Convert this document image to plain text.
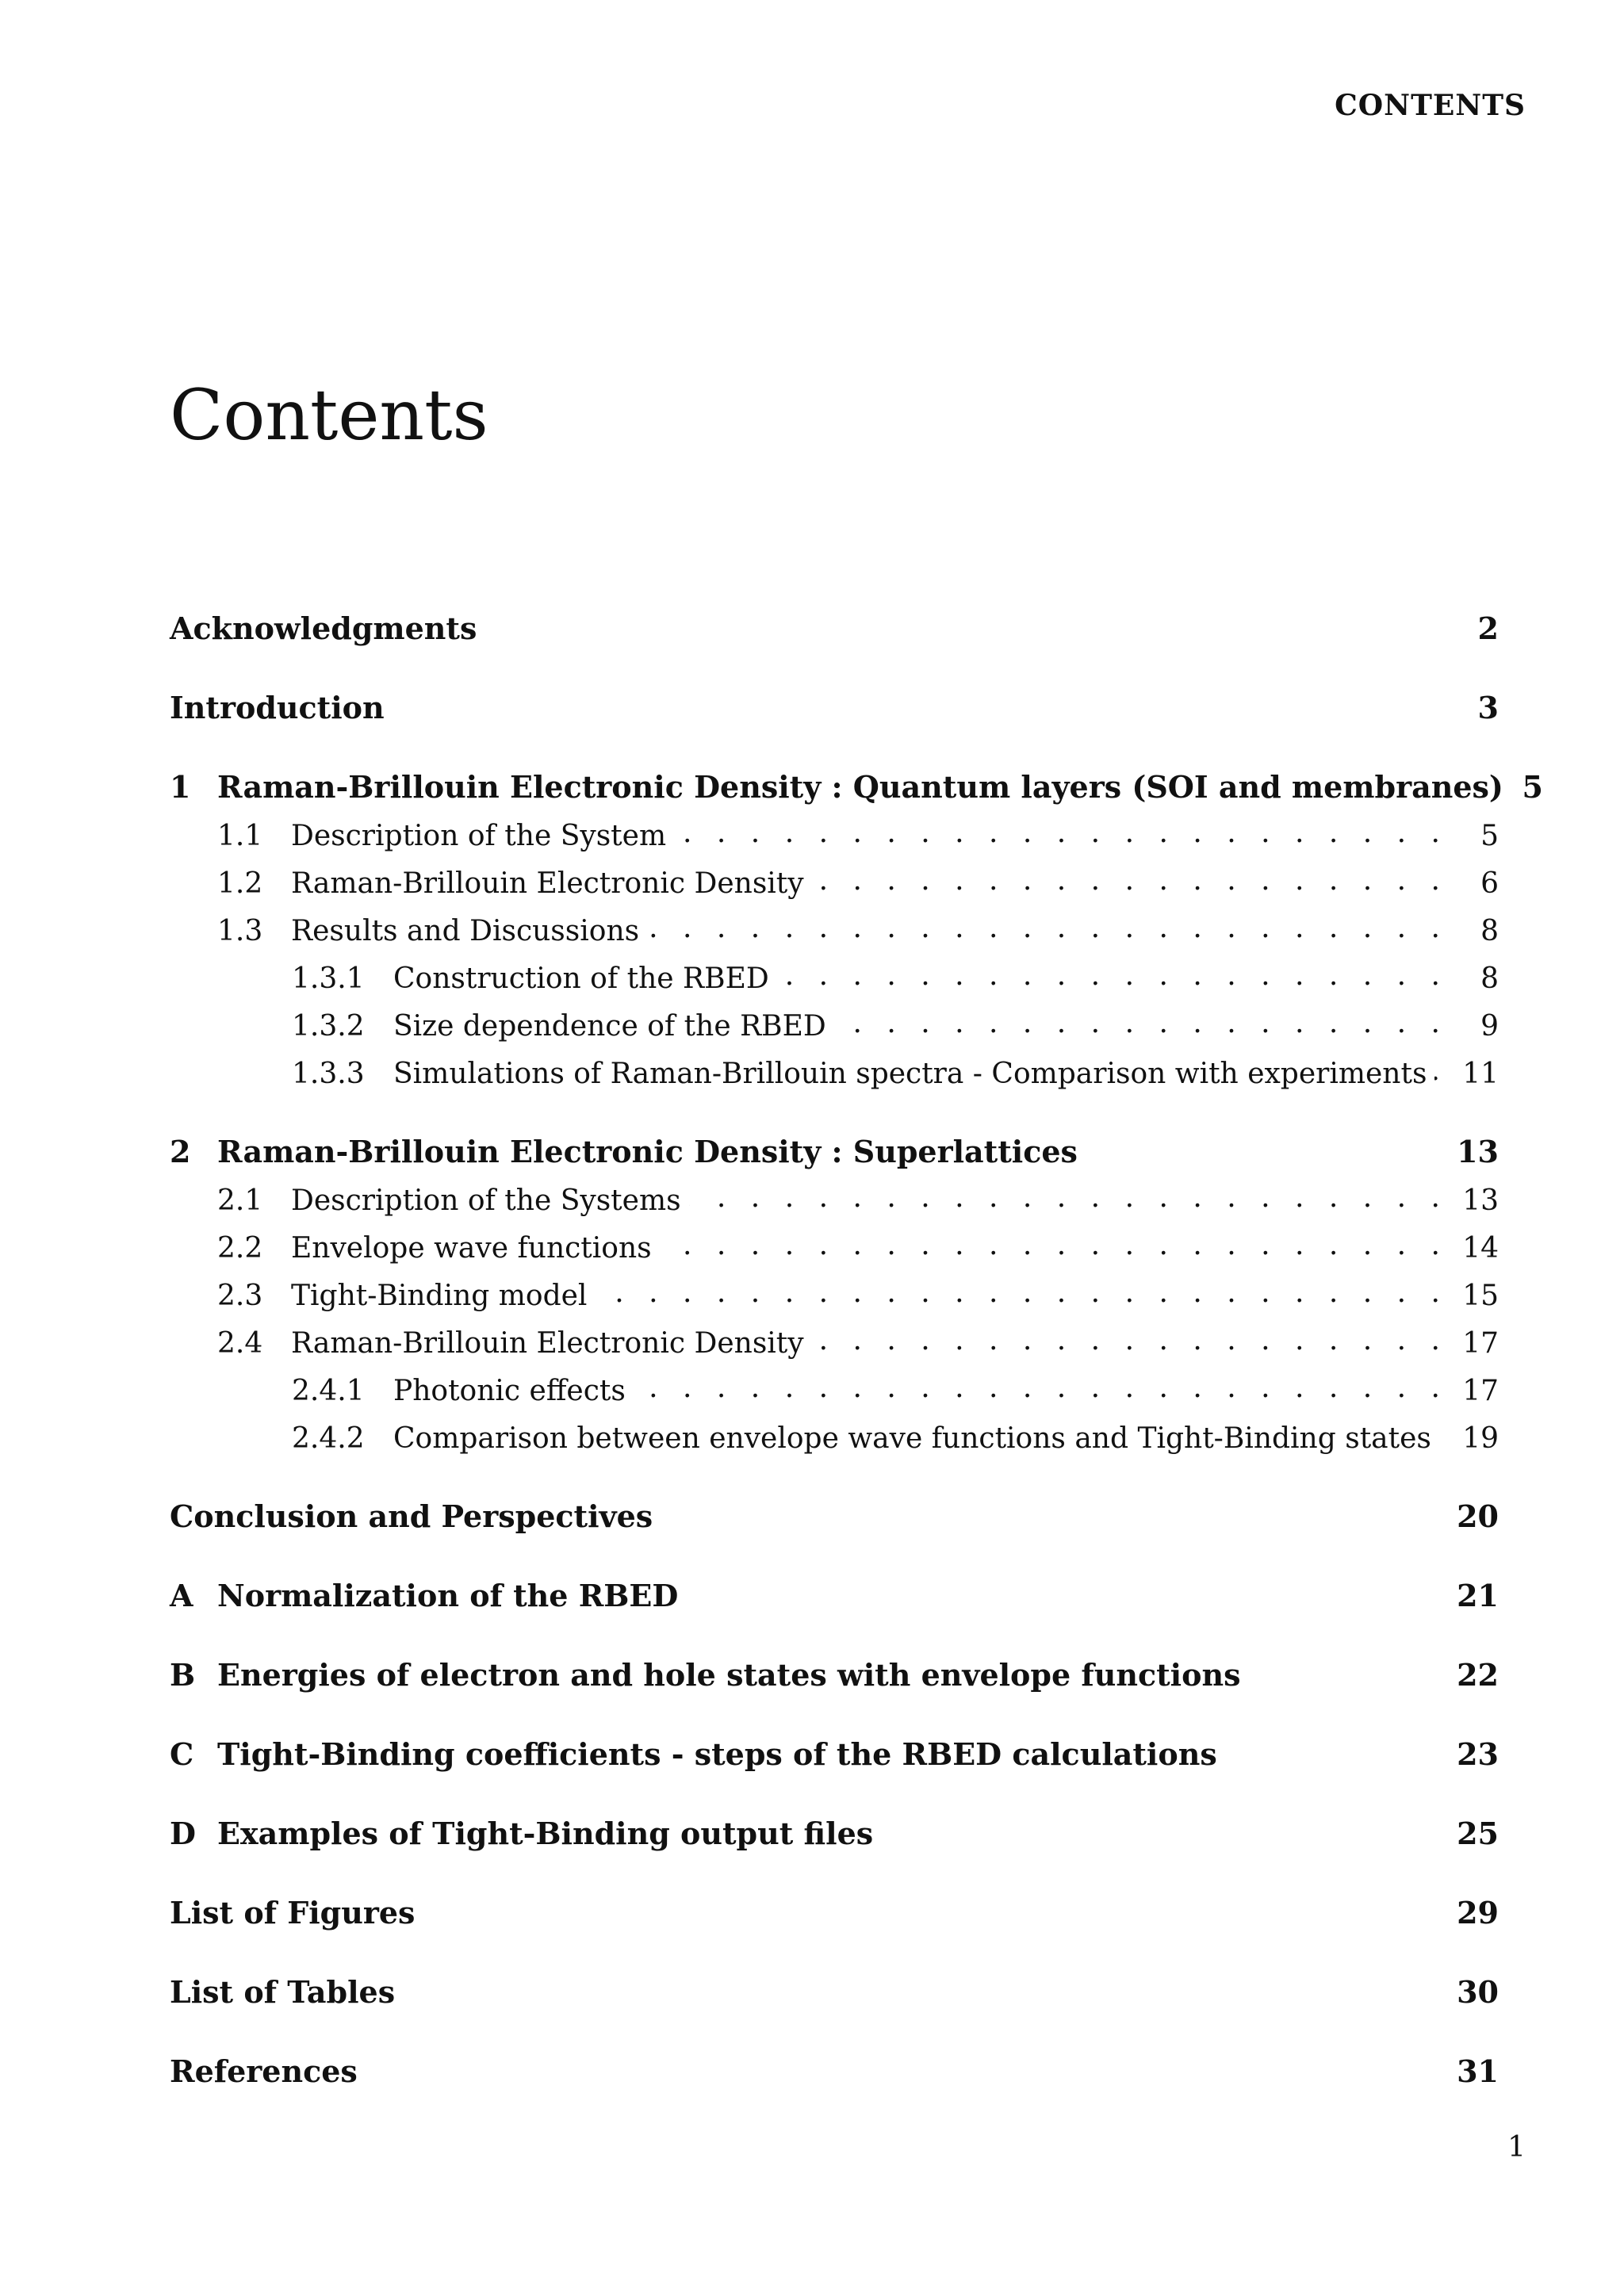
CONTENTS
Contents
Acknowledgments	2
Introduction	3
1 Raman-Brillouin Electronic Density : Quantum layers (SOI and membranes) 5
1.1 Description of the System . . .	5
1.2 Raman-Brillouin Electronic Density . . .	6
1.3 Results and Discussions . . .	8
1.3.1	Construction of the RBED . . .	8
1.3.2	Size dependence of the RBED . . .	9
1.3.3	Simulations of Raman-Brillouin spectra - Comparison with experiments . . . 11
2 Raman-Brillouin Electronic Density : Superlattices	13
2.1 Description of the Systems . . .	13
2.2 Envelope wave functions . . .	14
2.3 Tight-Binding model . . .	15
2.4 Raman-Brillouin Electronic Density . . .	17
2.4.1	Photonic effects . . .	17
2.4.2	Comparison between envelope wave functions and Tight-Binding states . . . 19
Conclusion and Perspectives	20
A Normalization of the RBED	21
B Energies of electron and hole states with envelope functions	22
C Tight-Binding coefficients - steps of the RBED calculations	23
D Examples of Tight-Binding output files	25
List of Figures	29
List of Tables	30
References	31
1
